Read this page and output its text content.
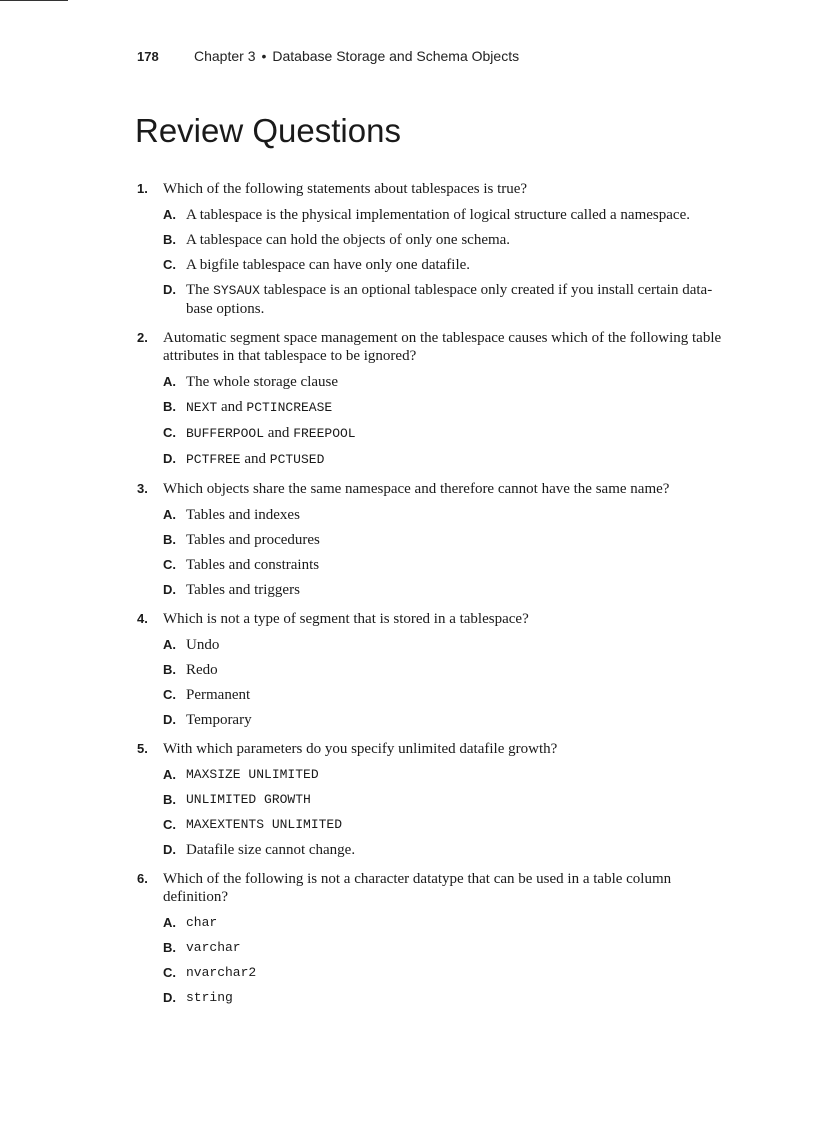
178	Chapter 3 • Database Storage and Schema Objects
Review Questions
1.	Which of the following statements about tablespaces is true?
A. A tablespace is the physical implementation of logical structure called a namespace.
B. A tablespace can hold the objects of only one schema.
C. A bigfile tablespace can have only one datafile.
D. The SYSAUX tablespace is an optional tablespace only created if you install certain database options.
2.	Automatic segment space management on the tablespace causes which of the following table attributes in that tablespace to be ignored?
A. The whole storage clause
B. NEXT and PCTINCREASE
C. BUFFERPOOL and FREEPOOL
D. PCTFREE and PCTUSED
3.	Which objects share the same namespace and therefore cannot have the same name?
A. Tables and indexes
B. Tables and procedures
C. Tables and constraints
D. Tables and triggers
4.	Which is not a type of segment that is stored in a tablespace?
A. Undo
B. Redo
C. Permanent
D. Temporary
5.	With which parameters do you specify unlimited datafile growth?
A. MAXSIZE UNLIMITED
B. UNLIMITED GROWTH
C. MAXEXTENTS UNLIMITED
D. Datafile size cannot change.
6.	Which of the following is not a character datatype that can be used in a table column definition?
A. char
B. varchar
C. nvarchar2
D. string
